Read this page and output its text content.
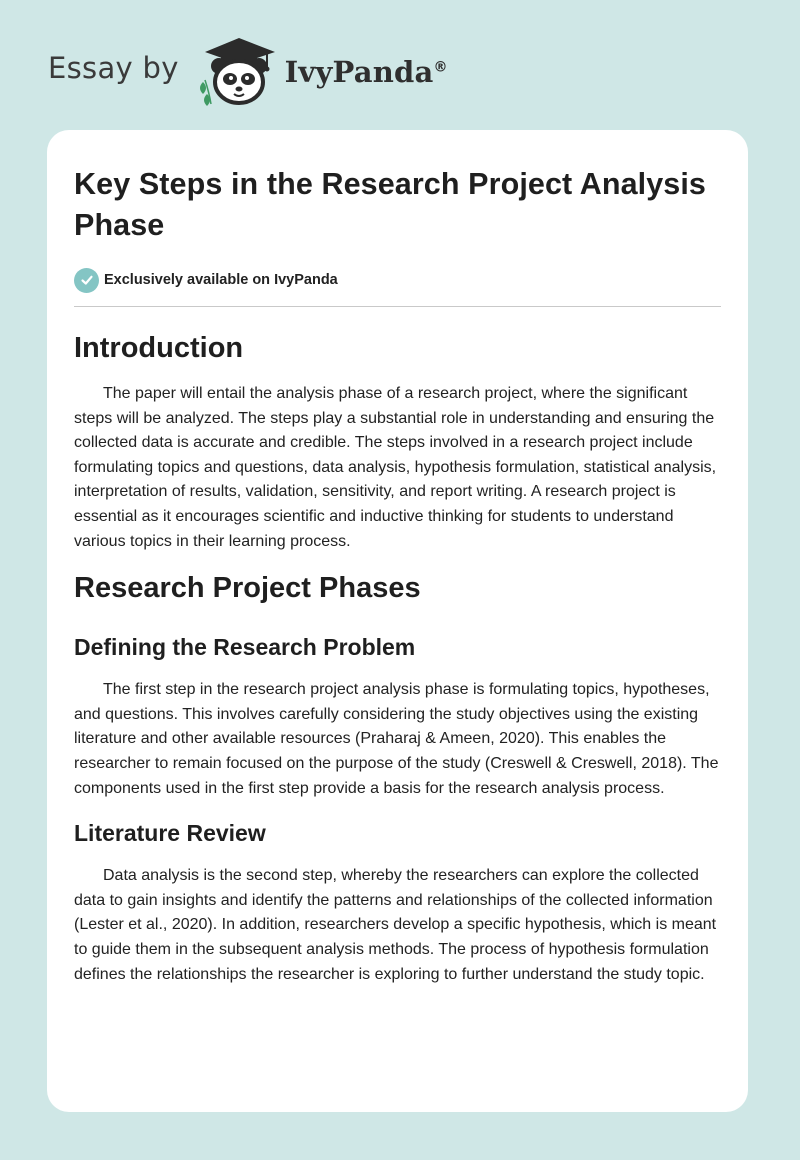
Essay by	IvyPanda®
Key Steps in the Research Project Analysis Phase
Exclusively available on IvyPanda
Introduction

The paper will entail the analysis phase of a research project, where the significant steps will be analyzed. The steps play a substantial role in understanding and ensuring the collected data is accurate and credible. The steps involved in a research project include formulating topics and questions, data analysis, hypothesis formulation, statistical analysis, interpretation of results, validation, sensitivity, and report writing. A research project is essential as it encourages scientific and inductive thinking for students to understand various topics in their learning process.

Research Project Phases
Defining the Research Problem

The first step in the research project analysis phase is formulating topics, hypotheses, and questions. This involves carefully considering the study objectives using the existing literature and other available resources (Praharaj & Ameen, 2020). This enables the researcher to remain focused on the purpose of the study (Creswell & Creswell, 2018). The components used in the first step provide a basis for the research analysis process.

Literature Review

Data analysis is the second step, whereby the researchers can explore the collected data to gain insights and identify the patterns and relationships of the collected information (Lester et al., 2020). In addition, researchers develop a specific hypothesis, which is meant to guide them in the subsequent analysis methods. The process of hypothesis formulation defines the relationships the researcher is exploring to further understand the study topic.
